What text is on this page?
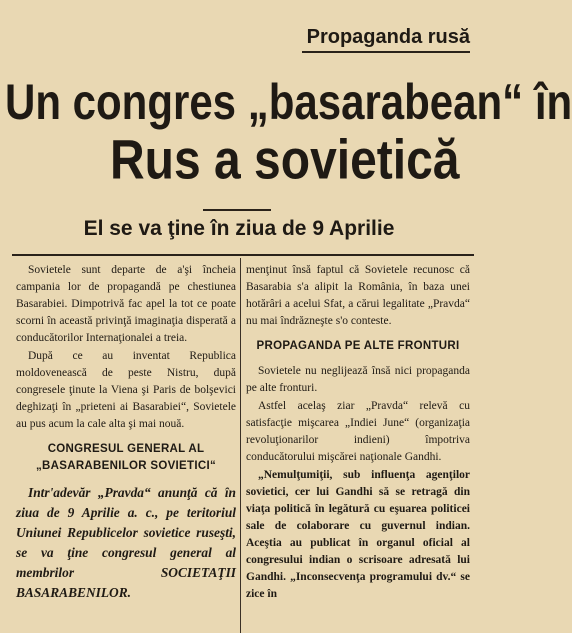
Propaganda rusă
Un congres „basarabean“ în
Rus a sovietică
El se va ţine în ziua de 9 Aprilie

Sovietele sunt departe de a'şi încheia campania lor de propagandă pe chestiunea Basarabiei. Dimpotrivă fac apel la tot ce poate scorni în această privinţă imaginaţia disperată a conducătorilor Internaţionalei a treia.

După ce au inventat Republica moldovenească de peste Nistru, după congresele ţinute la Viena şi Paris de bolşevici deghizaţi în „prieteni ai Basarabiei“, Sovietele au pus acum la cale alta şi mai nouă.

CONGRESUL GENERAL AL „BASARABENILOR SOVIETICI“

Intr'adevăr „Pravda“ anunţă că în ziua de 9 Aprilie a. c., pe teritoriul Uniunei Republicelor sovietice ruseşti, se va ţine congresul general al membrilor SOCIETAŢII BASARABENILOR.

menţinut însă faptul că Sovietele recunosc că Basarabia s'a alipit la România, în baza unei hotărâri a acelui Sfat, a cărui legalitate „Pravda“ nu mai îndrăzneşte s'o conteste.

PROPAGANDA PE ALTE FRONTURI

Sovietele nu neglijează însă nici propaganda pe alte fronturi.

Astfel acelaş ziar „Pravda“ relevă cu satisfacţie mişcarea „Indiei June“ (organizaţia revoluţionarilor indieni) împotriva conducătorului mişcărei naţionale Gandhi.

„Nemulţumiţii, sub influenţa agenţilor sovietici, cer lui Gandhi să se retragă din viaţa politică în legătură cu eşuarea politicei sale de colaborare cu guvernul indian. Aceştia au publicat în organul oficial al congresului indian o scrisoare adresată lui Gandhi. „Inconsecvenţa programului dv.“ se zice în
